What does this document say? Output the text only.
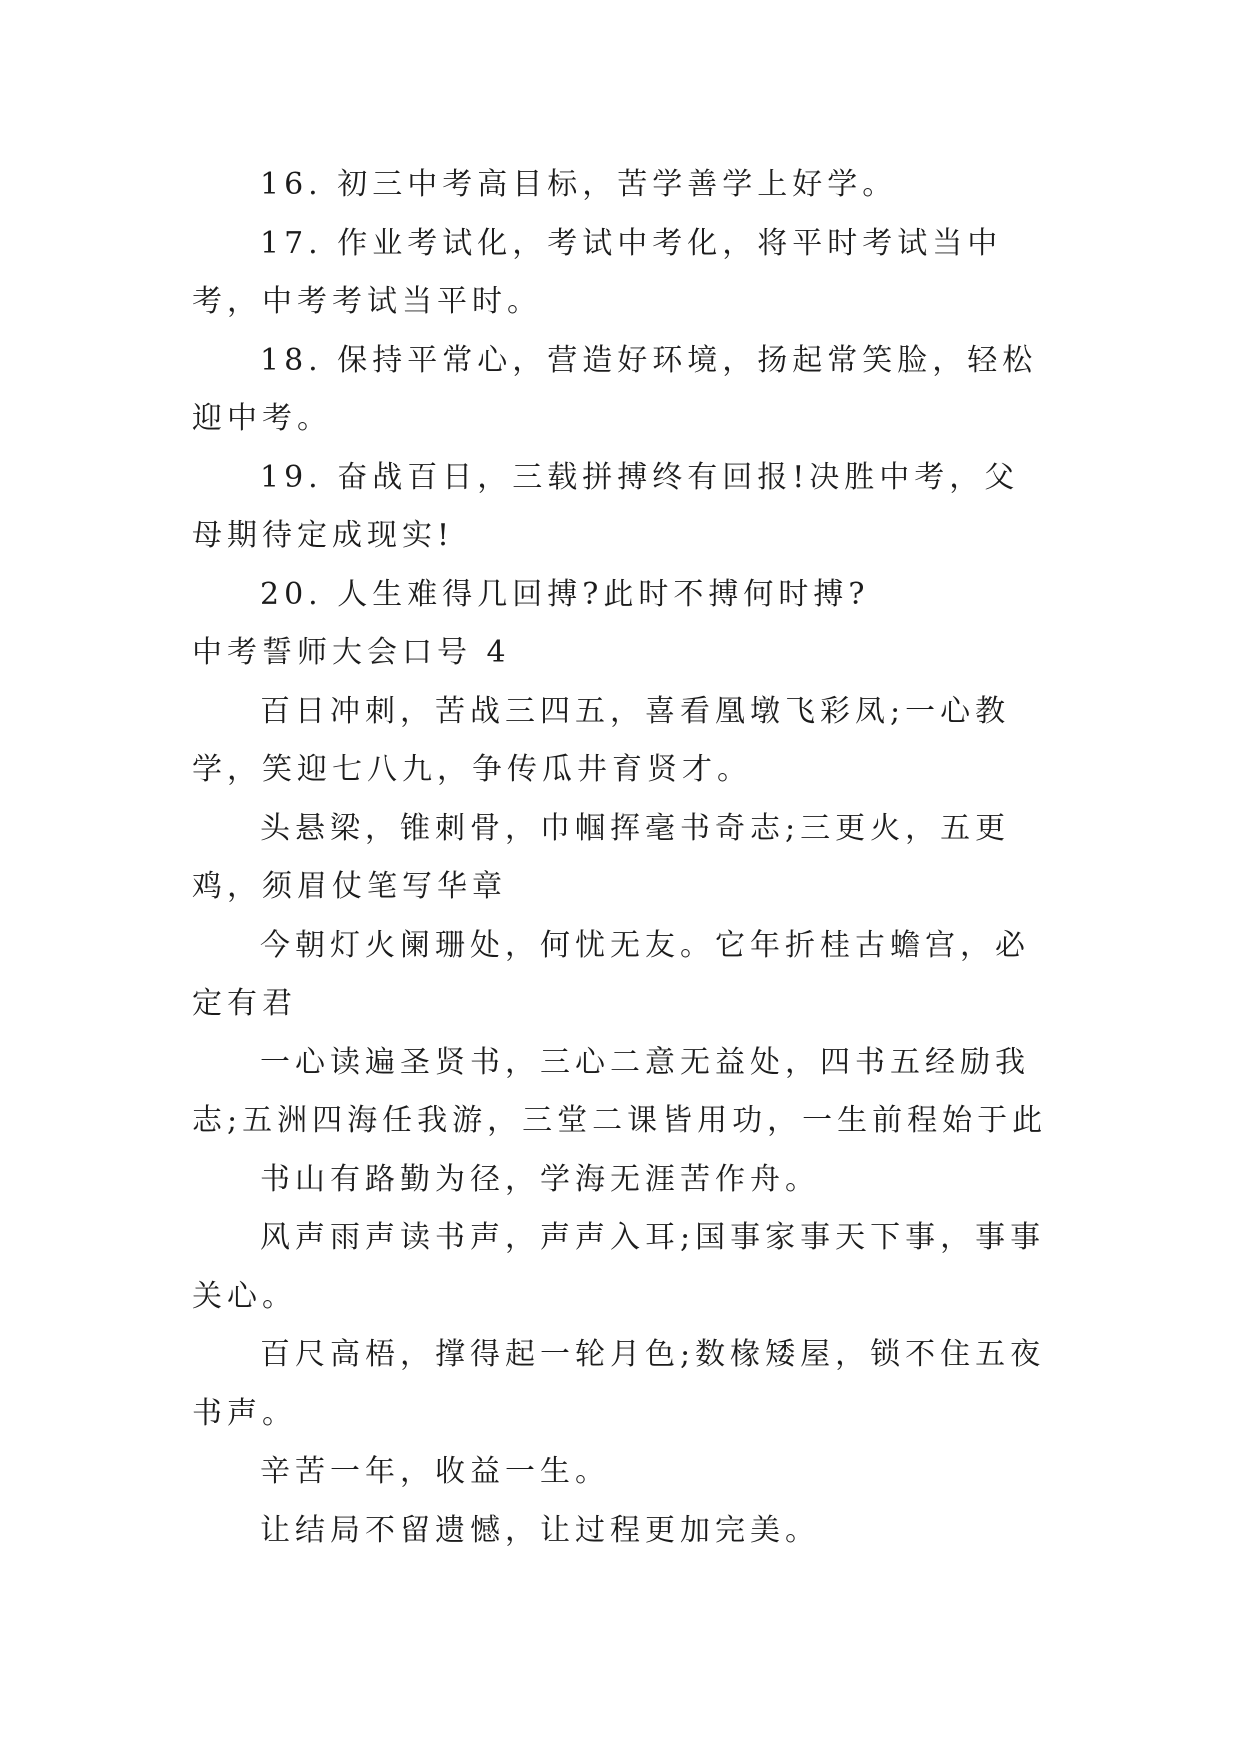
16. 初三中考高目标，苦学善学上好学。

17. 作业考试化，考试中考化，将平时考试当中考，中考考试当平时。

18. 保持平常心，营造好环境，扬起常笑脸，轻松迎中考。

19. 奋战百日，三载拼搏终有回报!决胜中考，父母期待定成现实!

20. 人生难得几回搏?此时不搏何时搏?

中考誓师大会口号 4

百日冲刺，苦战三四五，喜看凰墩飞彩凤;一心教学，笑迎七八九，争传瓜井育贤才。

头悬梁，锥刺骨，巾帼挥毫书奇志;三更火，五更鸡，须眉仗笔写华章

今朝灯火阑珊处，何忧无友。它年折桂古蟾宫，必定有君

一心读遍圣贤书，三心二意无益处，四书五经励我志;五洲四海任我游，三堂二课皆用功，一生前程始于此

书山有路勤为径，学海无涯苦作舟。

风声雨声读书声，声声入耳;国事家事天下事，事事关心。

百尺高梧，撑得起一轮月色;数椽矮屋，锁不住五夜书声。

辛苦一年，收益一生。

让结局不留遗憾，让过程更加完美。
